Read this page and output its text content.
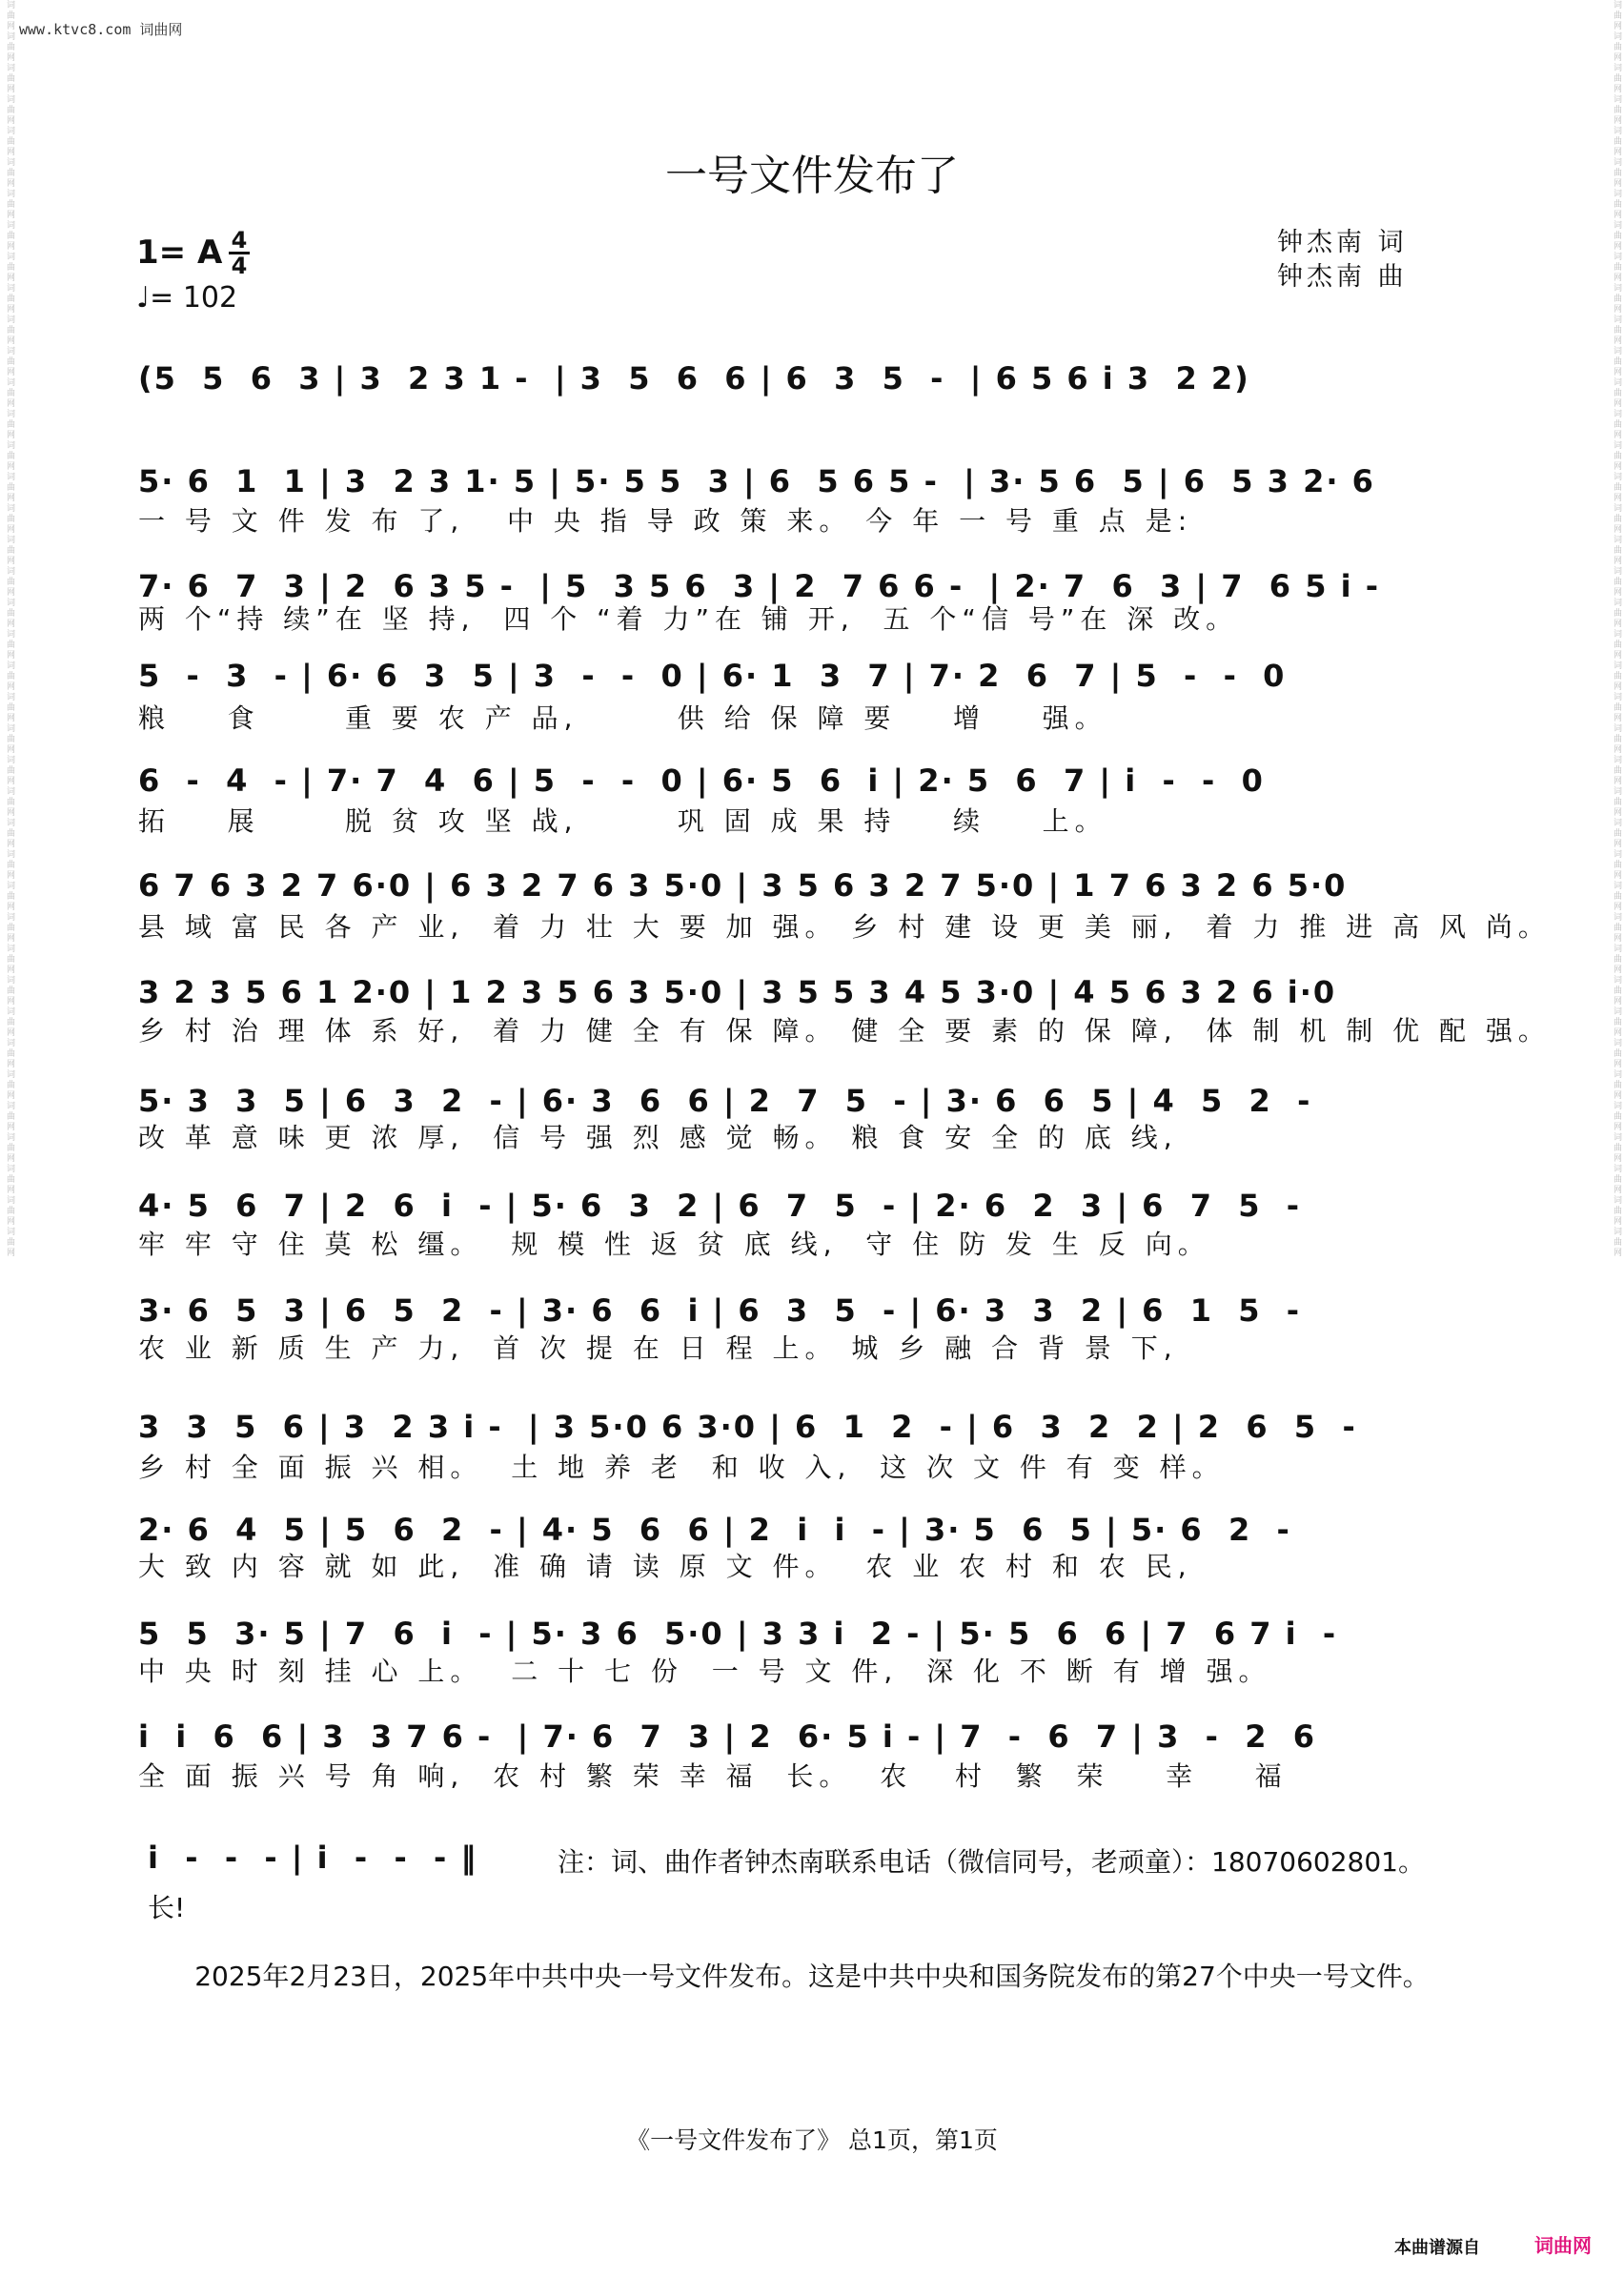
www.ktvc8.com 词曲网
词曲网词曲网词曲网词曲网词曲网词曲网词曲网词曲网词曲网词曲网词曲网词曲网词曲网词曲网词曲网词曲网词曲网词曲网词曲网词曲网词曲网词曲网词曲网词曲网词曲网词曲网词曲网词曲网词曲网词曲网词曲网词曲网词曲网词曲网词曲网词曲网词曲网词曲网词曲网词曲网	词曲网词曲网词曲网词曲网词曲网词曲网词曲网词曲网词曲网词曲网词曲网词曲网词曲网词曲网词曲网词曲网词曲网词曲网词曲网词曲网词曲网词曲网词曲网词曲网词曲网词曲网词曲网词曲网词曲网词曲网词曲网词曲网词曲网词曲网词曲网词曲网词曲网词曲网词曲网词曲网
一号文件发布了
1= A 4
4
♩= 102
钟杰南 词
钟杰南 曲
(5  5  6  3 | 3  2 3 1 -  | 3  5  6  6 | 6  3  5  -  | 6 5 6 i 3  2 2)
5· 6  1  1 | 3  2 3 1· 5 | 5· 5 5  3 | 6  5 6 5 -  | 3· 5 6  5 | 6  5 3 2· 6
一 号 文 件 发 布 了,   中 央 指 导 政 策 来。 今 年 一 号 重 点 是:
7· 6  7  3 | 2  6 3 5 -  | 5  3 5 6  3 | 2  7 6 6 -  | 2· 7  6  3 | 7  6 5 i -
两 个“持 续”在 坚 持,  四 个 “着 力”在 铺 开,  五 个“信 号”在 深 改。
5  -  3  - | 6· 6  3  5 | 3  -  -  0 | 6· 1  3  7 | 7· 2  6  7 | 5  -  -  0
粮    食      重 要 农 产 品,       供 给 保 障 要    增    强。
6  -  4  - | 7· 7  4  6 | 5  -  -  0 | 6· 5  6  i | 2· 5  6  7 | i  -  -  0
拓    展      脱 贫 攻 坚 战,       巩 固 成 果 持    续    上。
6 7 6 3 2 7 6·0 | 6 3 2 7 6 3 5·0 | 3 5 6 3 2 7 5·0 | 1 7 6 3 2 6 5·0
县 域 富 民 各 产 业,  着 力 壮 大 要 加 强。 乡 村 建 设 更 美 丽,  着 力 推 进 高 风 尚。
3 2 3 5 6 1 2·0 | 1 2 3 5 6 3 5·0 | 3 5 5 3 4 5 3·0 | 4 5 6 3 2 6 i·0
乡 村 治 理 体 系 好,  着 力 健 全 有 保 障。 健 全 要 素 的 保 障,  体 制 机 制 优 配 强。
5· 3  3  5 | 6  3  2  - | 6· 3  6  6 | 2  7  5  - | 3· 6  6  5 | 4  5  2  -
改 革 意 味 更 浓 厚,  信 号 强 烈 感 觉 畅。 粮 食 安 全 的 底 线,
4· 5  6  7 | 2  6  i  - | 5· 6  3  2 | 6  7  5  - | 2· 6  2  3 | 6  7  5  -
牢 牢 守 住 莫 松 缰。  规 模 性 返 贫 底 线,  守 住 防 发 生 反 向。
3· 6  5  3 | 6  5  2  - | 3· 6  6  i | 6  3  5  - | 6· 3  3  2 | 6  1  5  -
农 业 新 质 生 产 力,  首 次 提 在 日 程 上。 城 乡 融 合 背 景 下,
3  3  5  6 | 3  2 3 i -  | 3 5·0 6 3·0 | 6  1  2  - | 6  3  2  2 | 2  6  5  -
乡 村 全 面 振 兴 相。  土 地 养 老  和 收 入,  这 次 文 件 有 变 样。
2· 6  4  5 | 5  6  2  - | 4· 5  6  6 | 2  i  i  - | 3· 5  6  5 | 5· 6  2  -
大 致 内 容 就 如 此,  准 确 请 读 原 文 件。  农 业 农 村 和 农 民,
5  5  3· 5 | 7  6  i  - | 5· 3 6  5·0 | 3 3 i  2 - | 5· 5  6  6 | 7  6 7 i  -
中 央 时 刻 挂 心 上。  二 十 七 份  一 号 文 件,  深 化 不 断 有 增 强。
i  i  6  6 | 3  3 7 6 -  | 7· 6  7  3 | 2  6· 5 i - | 7  -  6  7 | 3  -  2  6
全 面 振 兴 号 角 响,  农 村 繁 荣 幸 福  长。  农   村  繁  荣    幸    福
i  -  -  - | i  -  -  - ‖	注：词、曲作者钟杰南联系电话（微信同号，老顽童）：18070602801。
长!
2025年2月23日，2025年中共中央一号文件发布。这是中共中央和国务院发布的第27个中央一号文件。
《一号文件发布了》 总1页，第1页
本曲谱源自	词曲网
